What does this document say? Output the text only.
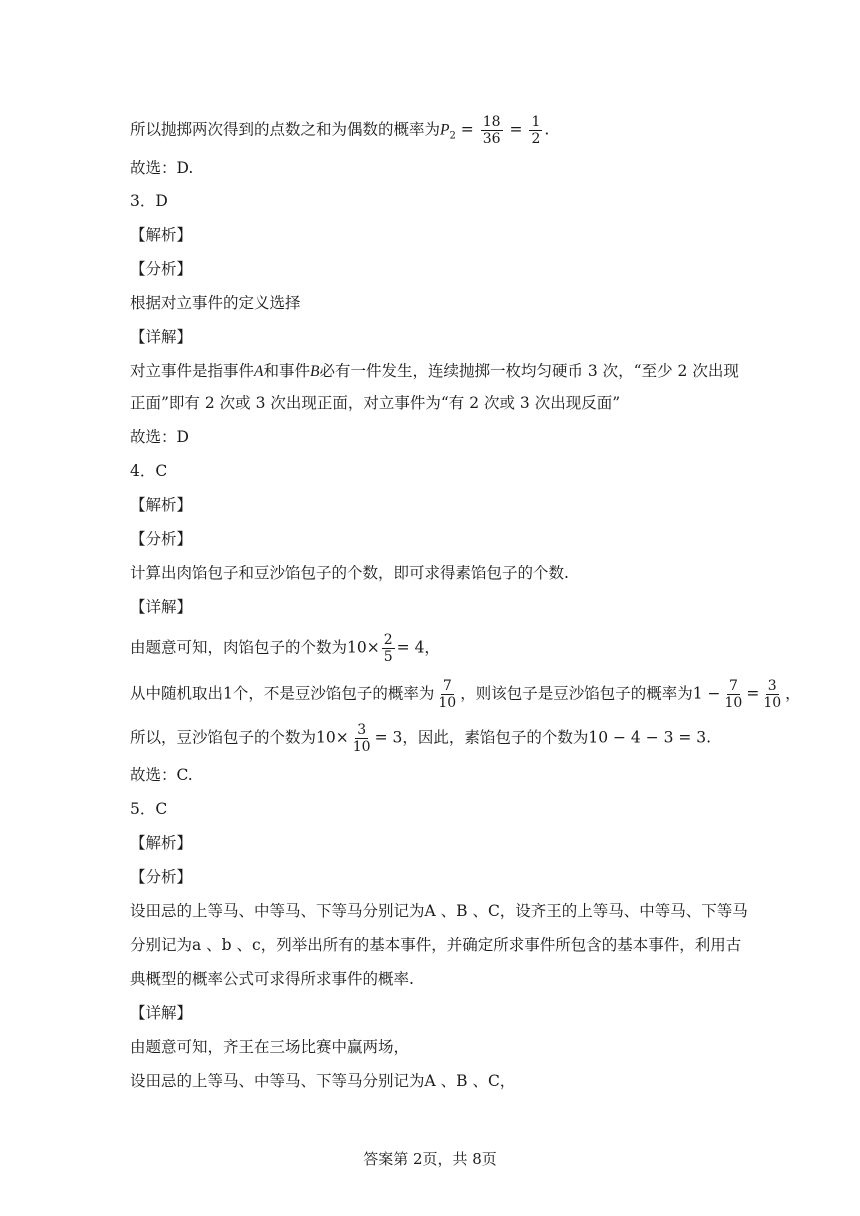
所以抛掷两次得到的点数之和为偶数的概率为$P_2 = \frac{18}{36} = \frac{1}{2}$ .
故选：D.
3．D
【解析】
【分析】
根据对立事件的定义选择
【详解】
对立事件是指事件A和事件B必有一件发生，连续抛掷一枚均匀硬币 3 次，“至少 2 次出现
正面”即有 2 次或 3 次出现正面，对立事件为“有 2 次或 3 次出现反面”
故选：D
4．C
【解析】
【分析】
计算出肉馅包子和豆沙馅包子的个数，即可求得素馅包子的个数.
【详解】
由题意可知，肉馅包子的个数为$10\times \frac{2}{5} = 4$，
从中随机取出1个，不是豆沙馅包子的概率为 $\frac{7}{10}$ ，则该包子是豆沙馅包子的概率为$1 - \frac{7}{10} = \frac{3}{10}$ ，
所以，豆沙馅包子的个数为$10\times \frac{3}{10} = 3$，因此，素馅包子的个数为10 − 4 − 3 = 3.
故选：C.
5．C
【解析】
【分析】
设田忌的上等马、中等马、下等马分别记为A 、B 、C，设齐王的上等马、中等马、下等马
分别记为a 、b 、c，列举出所有的基本事件，并确定所求事件所包含的基本事件，利用古
典概型的概率公式可求得所求事件的概率.
【详解】
由题意可知，齐王在三场比赛中赢两场，
设田忌的上等马、中等马、下等马分别记为A 、B 、C，
答案第 2页，共 8页
